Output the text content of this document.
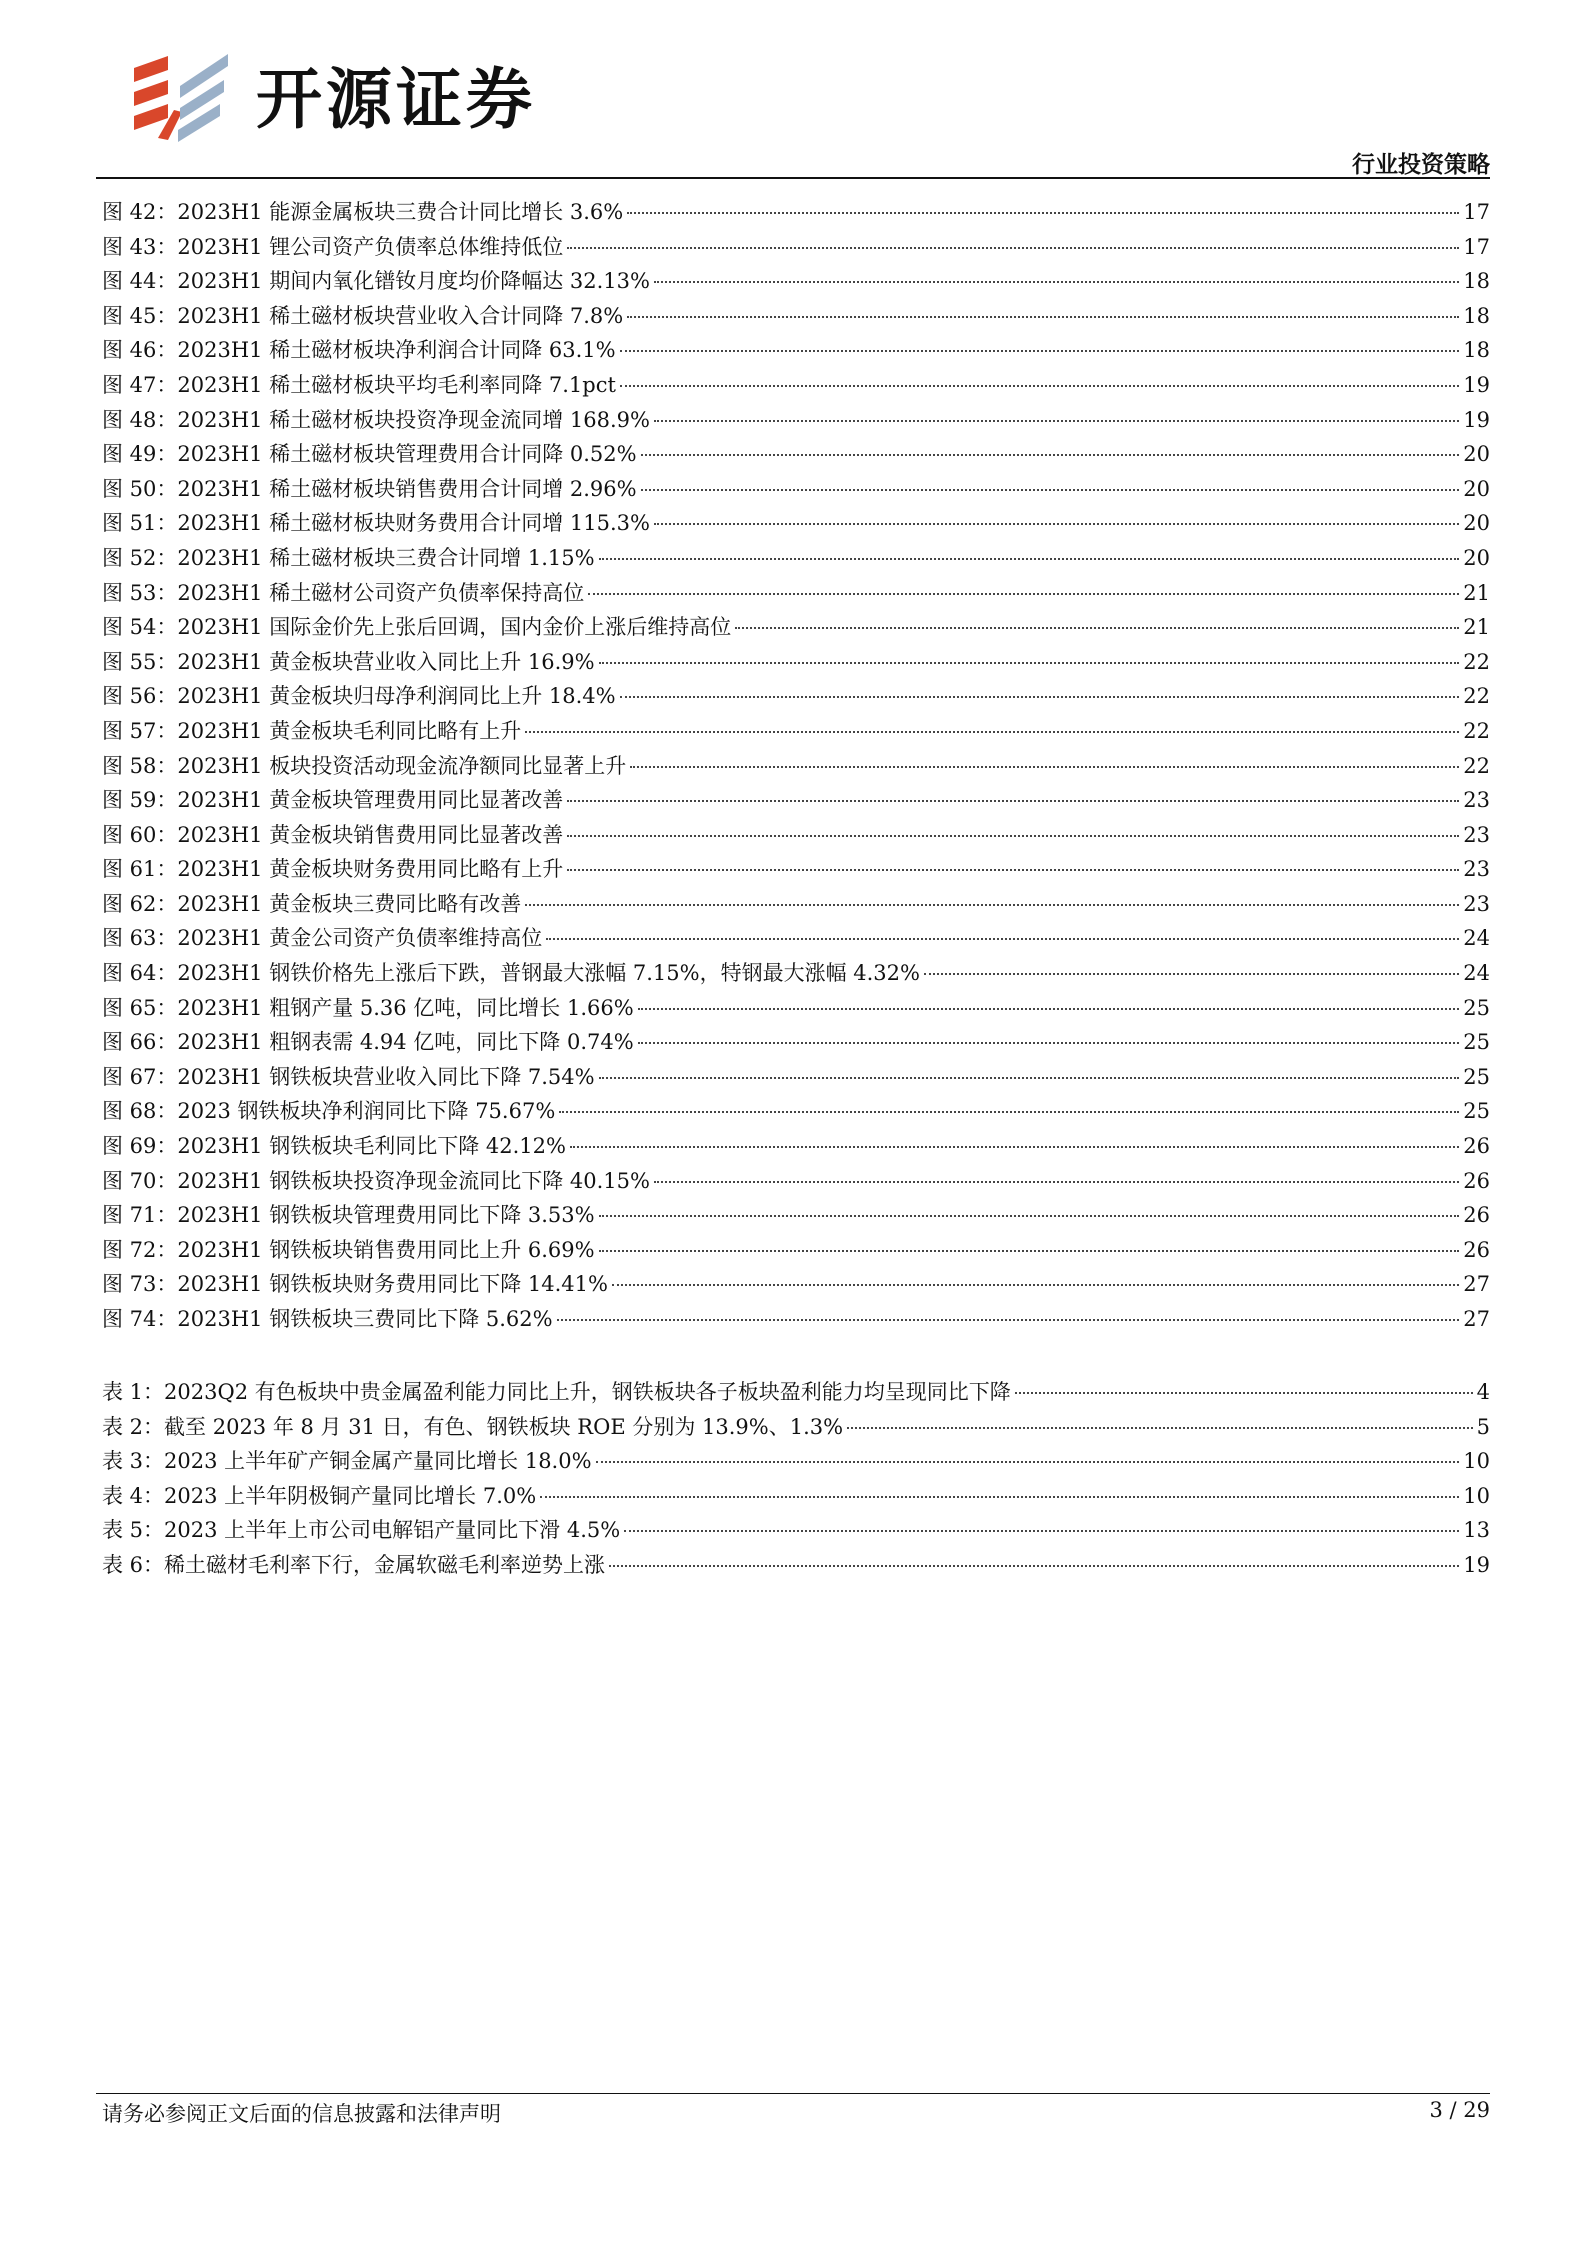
开源证券
行业投资策略
图 42： 2023H1 能源金属板块三费合计同比增长 3.6%	17
图 43： 2023H1 锂公司资产负债率总体维持低位	17
图 44： 2023H1 期间内氧化镨钕月度均价降幅达 32.13%	18
图 45： 2023H1 稀土磁材板块营业收入合计同降 7.8%	18
图 46： 2023H1 稀土磁材板块净利润合计同降 63.1%	18
图 47： 2023H1 稀土磁材板块平均毛利率同降 7.1pct	19
图 48： 2023H1 稀土磁材板块投资净现金流同增 168.9%	19
图 49： 2023H1 稀土磁材板块管理费用合计同降 0.52%	20
图 50： 2023H1 稀土磁材板块销售费用合计同增 2.96%	20
图 51： 2023H1 稀土磁材板块财务费用合计同增 115.3%	20
图 52： 2023H1 稀土磁材板块三费合计同增 1.15%	20
图 53： 2023H1 稀土磁材公司资产负债率保持高位	21
图 54： 2023H1 国际金价先上张后回调，国内金价上涨后维持高位	21
图 55： 2023H1 黄金板块营业收入同比上升 16.9%	22
图 56： 2023H1 黄金板块归母净利润同比上升 18.4%	22
图 57： 2023H1 黄金板块毛利同比略有上升	22
图 58： 2023H1 板块投资活动现金流净额同比显著上升	22
图 59： 2023H1 黄金板块管理费用同比显著改善	23
图 60： 2023H1 黄金板块销售费用同比显著改善	23
图 61： 2023H1 黄金板块财务费用同比略有上升	23
图 62： 2023H1 黄金板块三费同比略有改善	23
图 63： 2023H1 黄金公司资产负债率维持高位	24
图 64： 2023H1 钢铁价格先上涨后下跌，普钢最大涨幅 7.15%，特钢最大涨幅 4.32%	24
图 65： 2023H1 粗钢产量 5.36 亿吨，同比增长 1.66%	25
图 66： 2023H1 粗钢表需 4.94 亿吨，同比下降 0.74%	25
图 67： 2023H1 钢铁板块营业收入同比下降 7.54%	25
图 68： 2023 钢铁板块净利润同比下降 75.67%	25
图 69： 2023H1 钢铁板块毛利同比下降 42.12%	26
图 70： 2023H1 钢铁板块投资净现金流同比下降 40.15%	26
图 71： 2023H1 钢铁板块管理费用同比下降 3.53%	26
图 72： 2023H1 钢铁板块销售费用同比上升 6.69%	26
图 73： 2023H1 钢铁板块财务费用同比下降 14.41%	27
图 74： 2023H1 钢铁板块三费同比下降 5.62%	27
表 1： 2023Q2 有色板块中贵金属盈利能力同比上升，钢铁板块各子板块盈利能力均呈现同比下降	4
表 2： 截至 2023 年 8 月 31 日，有色、钢铁板块 ROE 分别为 13.9%、1.3%	5
表 3： 2023 上半年矿产铜金属产量同比增长 18.0%	10
表 4： 2023 上半年阴极铜产量同比增长 7.0%	10
表 5： 2023 上半年上市公司电解铝产量同比下滑 4.5%	13
表 6： 稀土磁材毛利率下行，金属软磁毛利率逆势上涨	19
请务必参阅正文后面的信息披露和法律声明	3 / 29
